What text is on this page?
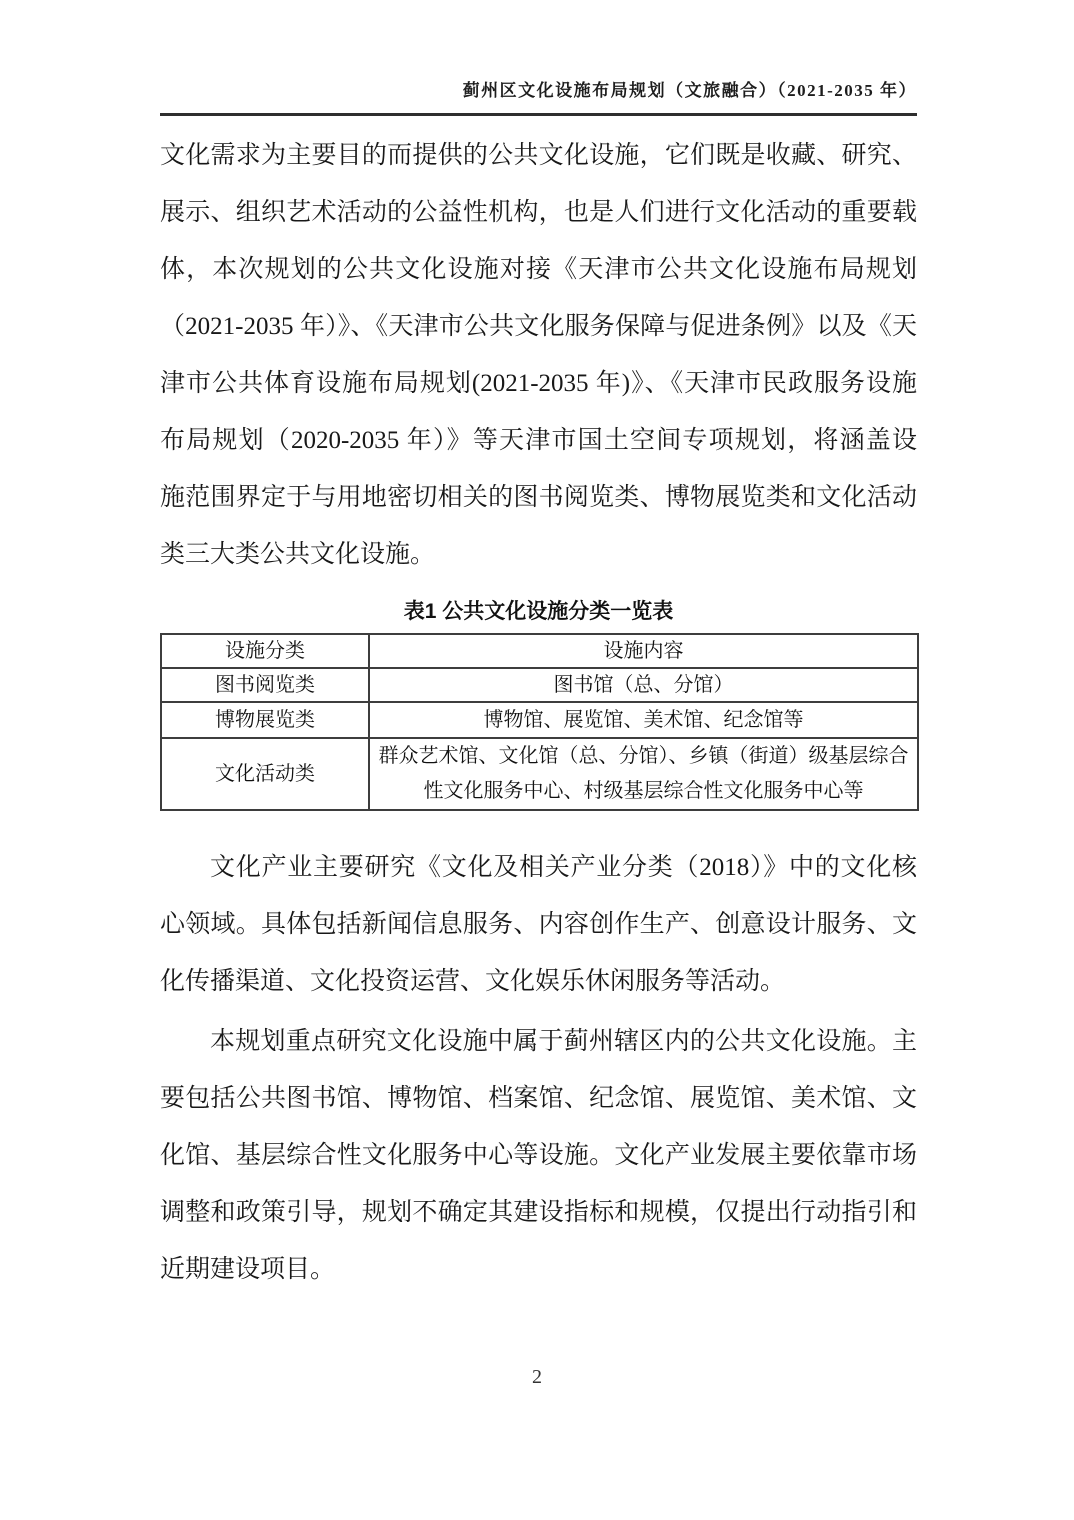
蓟州区文化设施布局规划（文旅融合）（2021-2035 年）
文化需求为主要目的而提供的公共文化设施，它们既是收藏、研究、
展示、组织艺术活动的公益性机构，也是人们进行文化活动的重要载
体，本次规划的公共文化设施对接《天津市公共文化设施布局规划
（2021-2035 年）》、《天津市公共文化服务保障与促进条例》以及《天
津市公共体育设施布局规划(2021-2035 年)》、《天津市民政服务设施
布局规划（2020-2035 年）》等天津市国土空间专项规划，将涵盖设
施范围界定于与用地密切相关的图书阅览类、博物展览类和文化活动
类三大类公共文化设施。
表1 公共文化设施分类一览表
设施分类	设施内容
图书阅览类	图书馆（总、分馆）
博物展览类	博物馆、展览馆、美术馆、纪念馆等
文化活动类	群众艺术馆、文化馆（总、分馆）、乡镇（街道）级基层综合性文化服务中心、村级基层综合性文化服务中心等
文化产业主要研究《文化及相关产业分类（2018）》中的文化核
心领域。具体包括新闻信息服务、内容创作生产、创意设计服务、文
化传播渠道、文化投资运营、文化娱乐休闲服务等活动。
本规划重点研究文化设施中属于蓟州辖区内的公共文化设施。主
要包括公共图书馆、博物馆、档案馆、纪念馆、展览馆、美术馆、文
化馆、基层综合性文化服务中心等设施。文化产业发展主要依靠市场
调整和政策引导，规划不确定其建设指标和规模，仅提出行动指引和
近期建设项目。
2
